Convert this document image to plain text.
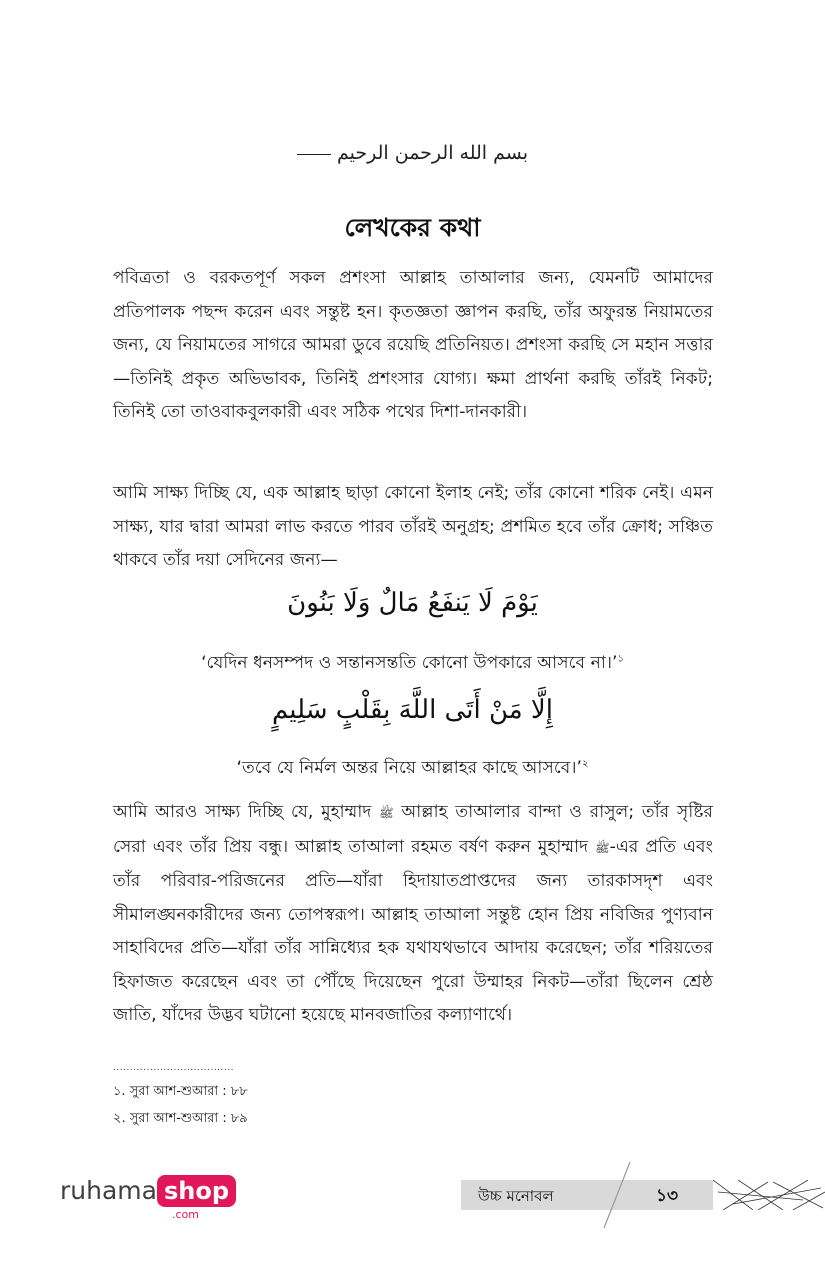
بسم الله الرحمن الرحيم
লেখকের কথা
পবিত্রতা ও বরকতপূর্ণ সকল প্রশংসা আল্লাহ তাআলার জন্য, যেমনটি আমাদের প্রতিপালক পছন্দ করেন এবং সন্তুষ্ট হন। কৃতজ্ঞতা জ্ঞাপন করছি, তাঁর অফুরন্ত নিয়ামতের জন্য, যে নিয়ামতের সাগরে আমরা ডুবে রয়েছি প্রতিনিয়ত। প্রশংসা করছি সে মহান সত্তার—তিনিই প্রকৃত অভিভাবক, তিনিই প্রশংসার যোগ্য। ক্ষমা প্রার্থনা করছি তাঁরই নিকট; তিনিই তো তাওবাকবুলকারী এবং সঠিক পথের দিশা-দানকারী।
আমি সাক্ষ্য দিচ্ছি যে, এক আল্লাহ ছাড়া কোনো ইলাহ নেই; তাঁর কোনো শরিক নেই। এমন সাক্ষ্য, যার দ্বারা আমরা লাভ করতে পারব তাঁরই অনুগ্রহ; প্রশমিত হবে তাঁর ক্রোধ; সঞ্চিত থাকবে তাঁর দয়া সেদিনের জন্য—
يَوْمَ لَا يَنفَعُ مَالٌ وَلَا بَنُونَ
‘যেদিন ধনসম্পদ ও সন্তানসন্ততি কোনো উপকারে আসবে না।’$^১$
إِلَّا مَنْ أَتَى اللَّهَ بِقَلْبٍ سَلِيمٍ
‘তবে যে নির্মল অন্তর নিয়ে আল্লাহর কাছে আসবে।’$^২$
আমি আরও সাক্ষ্য দিচ্ছি যে, মুহাম্মাদ ﷺ আল্লাহ তাআলার বান্দা ও রাসুল; তাঁর সৃষ্টির সেরা এবং তাঁর প্রিয় বন্ধু। আল্লাহ তাআলা রহমত বর্ষণ করুন মুহাম্মাদ ﷺ-এর প্রতি এবং তাঁর পরিবার-পরিজনের প্রতি—যাঁরা হিদায়াতপ্রাপ্তদের জন্য তারকাসদৃশ এবং সীমালঙ্ঘনকারীদের জন্য তোপস্বরূপ। আল্লাহ তাআলা সন্তুষ্ট হোন প্রিয় নবিজির পুণ্যবান সাহাবিদের প্রতি—যাঁরা তাঁর সান্নিধ্যের হক যথাযথভাবে আদায় করেছেন; তাঁর শরিয়তের হিফাজত করেছেন এবং তা পৌঁছে দিয়েছেন পুরো উম্মাহর নিকট—তাঁরা ছিলেন শ্রেষ্ঠ জাতি, যাঁদের উদ্ভব ঘটানো হয়েছে মানবজাতির কল্যাণার্থে।
....................................
১. সুরা আশ-শুআরা : ৮৮
২. সুরা আশ-শুআরা : ৮৯
ruhama shop
.com
উচ্চ মনোবল	১৩
